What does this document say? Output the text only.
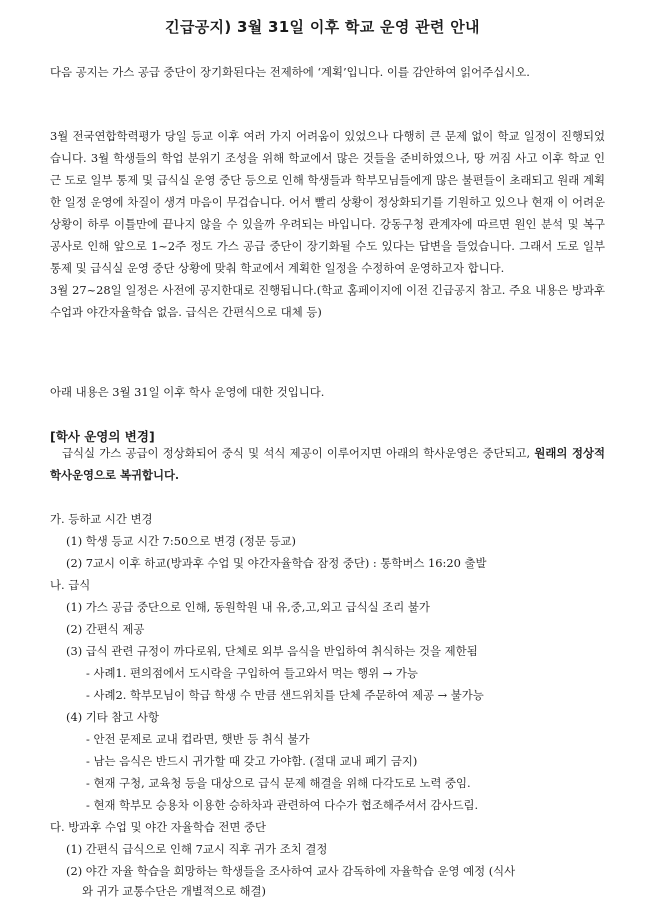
긴급공지) 3월 31일 이후 학교 운영 관련 안내

다음 공지는 가스 공급 중단이 장기화된다는 전제하에 ‘계획’입니다. 이를 감안하여 읽어주십시오.

3월 전국연합학력평가 당일 등교 이후 여러 가지 어려움이 있었으나 다행히 큰 문제 없이 학교 일정이 진행되었습니다. 3월 학생들의 학업 분위기 조성을 위해 학교에서 많은 것들을 준비하였으나, 땅 꺼짐 사고 이후 학교 인근 도로 일부 통제 및 급식실 운영 중단 등으로 인해 학생들과 학부모님들에게 많은 불편들이 초래되고 원래 계획한 일정 운영에 차질이 생겨 마음이 무겁습니다. 어서 빨리 상황이 정상화되기를 기원하고 있으나 현재 이 어려운 상황이 하루 이틀만에 끝나지 않을 수 있을까 우려되는 바입니다. 강동구청 관계자에 따르면 원인 분석 및 복구 공사로 인해 앞으로 1~2주 정도 가스 공급 중단이 장기화될 수도 있다는 답변을 들었습니다. 그래서 도로 일부 통제 및 급식실 운영 중단 상황에 맞춰 학교에서 계획한 일정을 수정하여 운영하고자 합니다.
3월 27~28일 일정은 사전에 공지한대로 진행됩니다.(학교 홈페이지에 이전 긴급공지 참고. 주요 내용은 방과후수업과 야간자율학습 없음. 급식은 간편식으로 대체 등)

아래 내용은 3월 31일 이후 학사 운영에 대한 것입니다.

[학사 운영의 변경]

급식실 가스 공급이 정상화되어 중식 및 석식 제공이 이루어지면 아래의 학사운영은 중단되고, 원래의 정상적 학사운영으로 복귀합니다.

가. 등하교 시간 변경
(1) 학생 등교 시간 7:50으로 변경 (정문 등교)
(2) 7교시 이후 하교(방과후 수업 및 야간자율학습 잠정 중단) : 통학버스 16:20 출발
나. 급식
(1) 가스 공급 중단으로 인해, 동원학원 내 유,중,고,외고 급식실 조리 불가
(2) 간편식 제공
(3) 급식 관련 규정이 까다로워, 단체로 외부 음식을 반입하여 취식하는 것을 제한됨
- 사례1. 편의점에서 도시락을 구입하여 들고와서 먹는 행위 → 가능
- 사례2. 학부모님이 학급 학생 수 만큼 샌드위치를 단체 주문하여 제공 → 불가능
(4) 기타 참고 사항
- 안전 문제로 교내 컵라면, 햇반 등 취식 불가
- 남는 음식은 반드시 귀가할 때 갖고 가야함. (절대 교내 폐기 금지)
- 현재 구청, 교육청 등을 대상으로 급식 문제 해결을 위해 다각도로 노력 중임.
- 현재 학부모 승용차 이용한 승하차과 관련하여 다수가 협조해주셔서 감사드림.
다. 방과후 수업 및 야간 자율학습 전면 중단
(1) 간편식 급식으로 인해 7교시 직후 귀가 조치 결정
(2) 야간 자율 학습을 희망하는 학생들을 조사하여 교사 감독하에 자율학습 운영 예정 (식사
와 귀가 교통수단은 개별적으로 해결)
